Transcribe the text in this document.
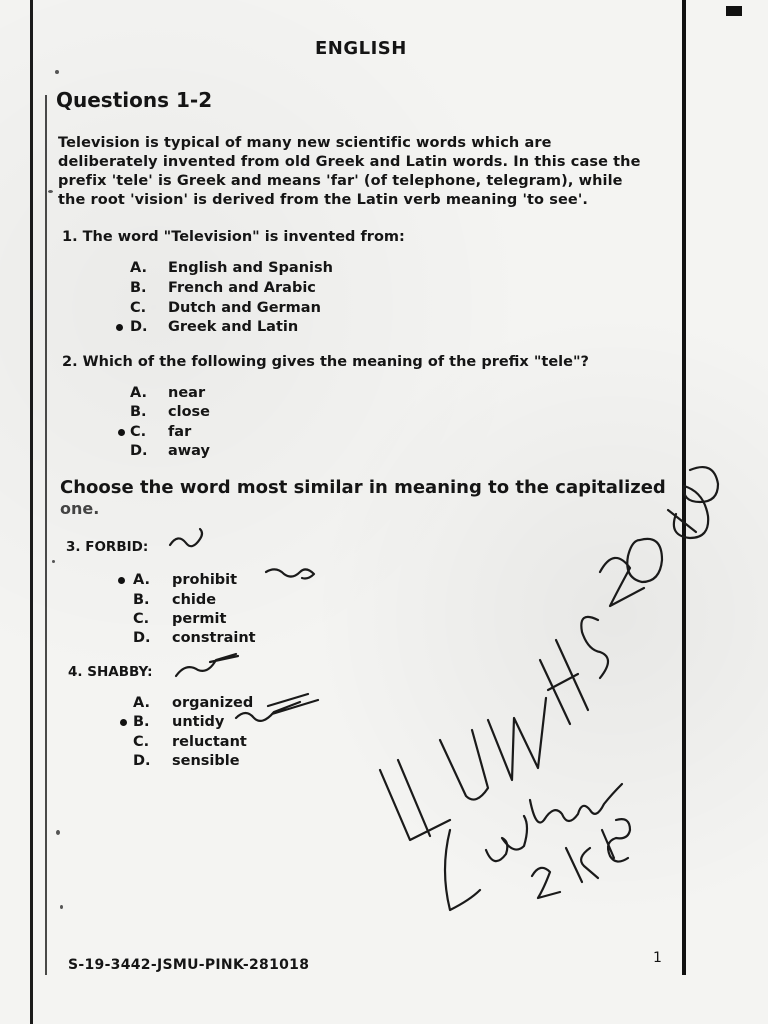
ENGLISH
Questions 1-2
Television is typical of many new scientific words which are
deliberately invented from old Greek and Latin words. In this case the
prefix 'tele' is Greek and means 'far' (of telephone, telegram), while
the root 'vision' is derived from the Latin verb meaning 'to see'.
1. The word "Television" is invented from:
A. English and Spanish
B. French and Arabic
C. Dutch and German
D. Greek and Latin
2. Which of the following gives the meaning of the prefix "tele"?
A. near
B. close
C. far
D. away
Choose the word most similar in meaning to the capitalized
one.
3. FORBID:
A. prohibit
B. chide
C. permit
D. constraint
4. SHABBY:
A. organized
B. untidy
C. reluctant
D. sensible
S-19-3442-JSMU-PINK-281018	1
